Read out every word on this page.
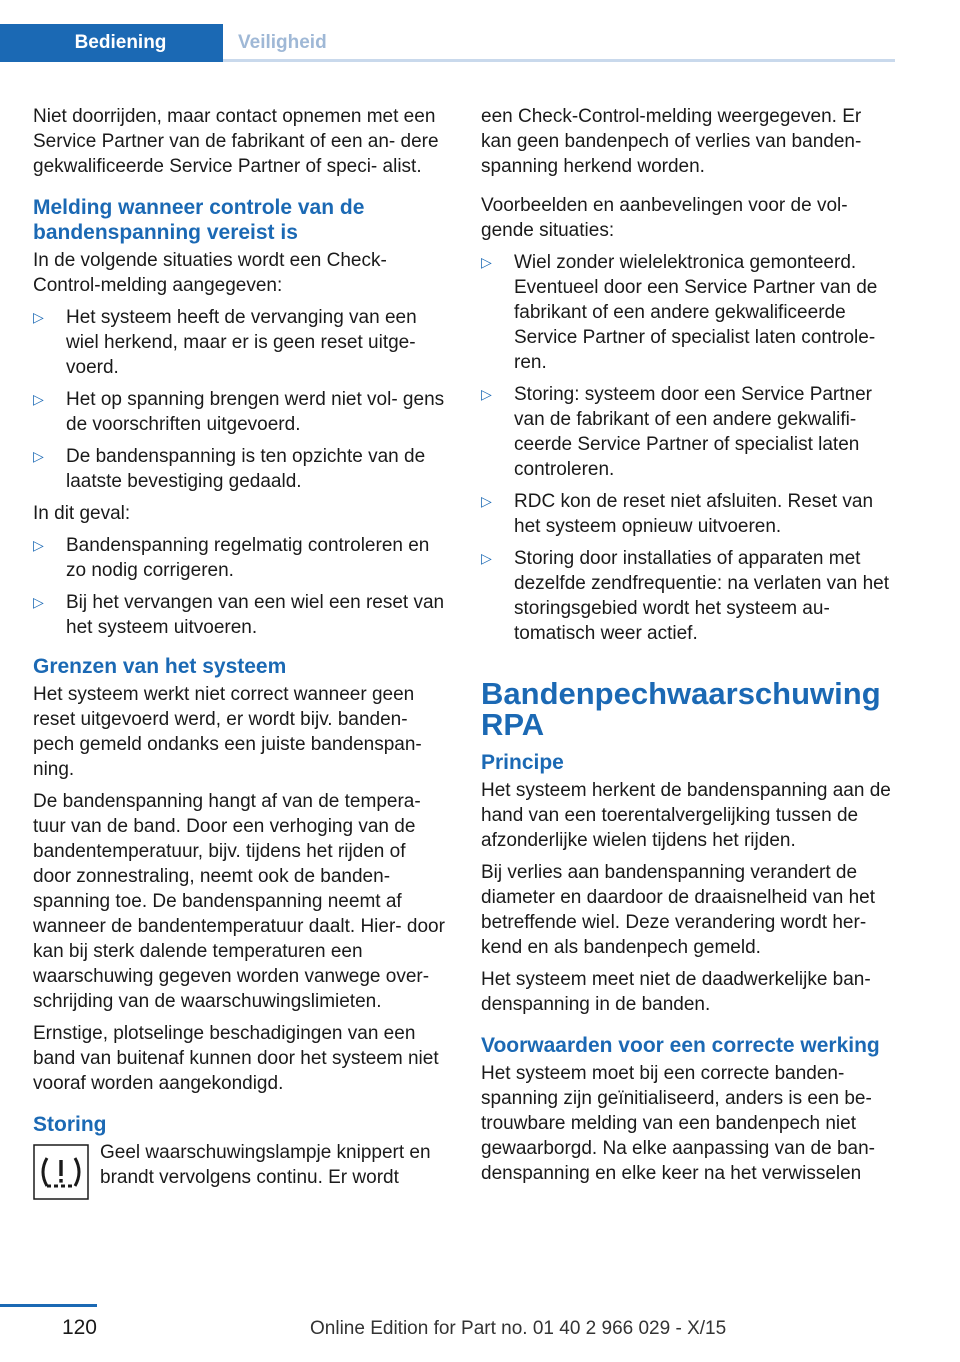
Bediening	Veiligheid

Niet doorrijden, maar contact opnemen met een Service Partner van de fabrikant of een an‐ dere gekwalificeerde Service Partner of speci‐ alist.

Melding wanneer controle van de bandenspanning vereist is

In de volgende situaties wordt een Check- Control-melding aangegeven:

▷ Het systeem heeft de vervanging van een wiel herkend, maar er is geen reset uitge‐ voerd.
▷ Het op spanning brengen werd niet vol‐ gens de voorschriften uitgevoerd.
▷ De bandenspanning is ten opzichte van de laatste bevestiging gedaald.

In dit geval:

▷ Bandenspanning regelmatig controleren en zo nodig corrigeren.
▷ Bij het vervangen van een wiel een reset van het systeem uitvoeren.
Grenzen van het systeem

Het systeem werkt niet correct wanneer geen reset uitgevoerd werd, er wordt bijv. banden‐ pech gemeld ondanks een juiste bandenspan‐ ning.

De bandenspanning hangt af van de tempera‐ tuur van de band. Door een verhoging van de bandentemperatuur, bijv. tijdens het rijden of door zonnestraling, neemt ook de banden‐ spanning toe. De bandenspanning neemt af wanneer de bandentemperatuur daalt. Hier‐ door kan bij sterk dalende temperaturen een waarschuwing gegeven worden vanwege over‐ schrijding van de waarschuwingslimieten.

Ernstige, plotselinge beschadigingen van een band van buitenaf kunnen door het systeem niet vooraf worden aangekondigd.

Storing

Geel waarschuwingslampje knippert en brandt vervolgens continu. Er wordt

een Check-Control-melding weergegeven. Er kan geen bandenpech of verlies van banden‐ spanning herkend worden.

Voorbeelden en aanbevelingen voor de vol‐ gende situaties:

▷ Wiel zonder wielelektronica gemonteerd. Eventueel door een Service Partner van de fabrikant of een andere gekwalificeerde Service Partner of specialist laten controle‐ ren.
▷ Storing: systeem door een Service Partner van de fabrikant of een andere gekwalifi‐ ceerde Service Partner of specialist laten controleren.
▷ RDC kon de reset niet afsluiten. Reset van het systeem opnieuw uitvoeren.
▷ Storing door installaties of apparaten met dezelfde zendfrequentie: na verlaten van het storingsgebied wordt het systeem au‐ tomatisch weer actief.
Bandenpechwaarschuwing RPA
Principe

Het systeem herkent de bandenspanning aan de hand van een toerentalvergelijking tussen de afzonderlijke wielen tijdens het rijden.

Bij verlies aan bandenspanning verandert de diameter en daardoor de draaisnelheid van het betreffende wiel. Deze verandering wordt her‐ kend en als bandenpech gemeld.

Het systeem meet niet de daadwerkelijke ban‐ denspanning in de banden.

Voorwaarden voor een correcte werking

Het systeem moet bij een correcte banden‐ spanning zijn geïnitialiseerd, anders is een be‐ trouwbare melding van een bandenpech niet gewaarborgd. Na elke aanpassing van de ban‐ denspanning en elke keer na het verwisselen

120	Online Edition for Part no. 01 40 2 966 029 - X/15
